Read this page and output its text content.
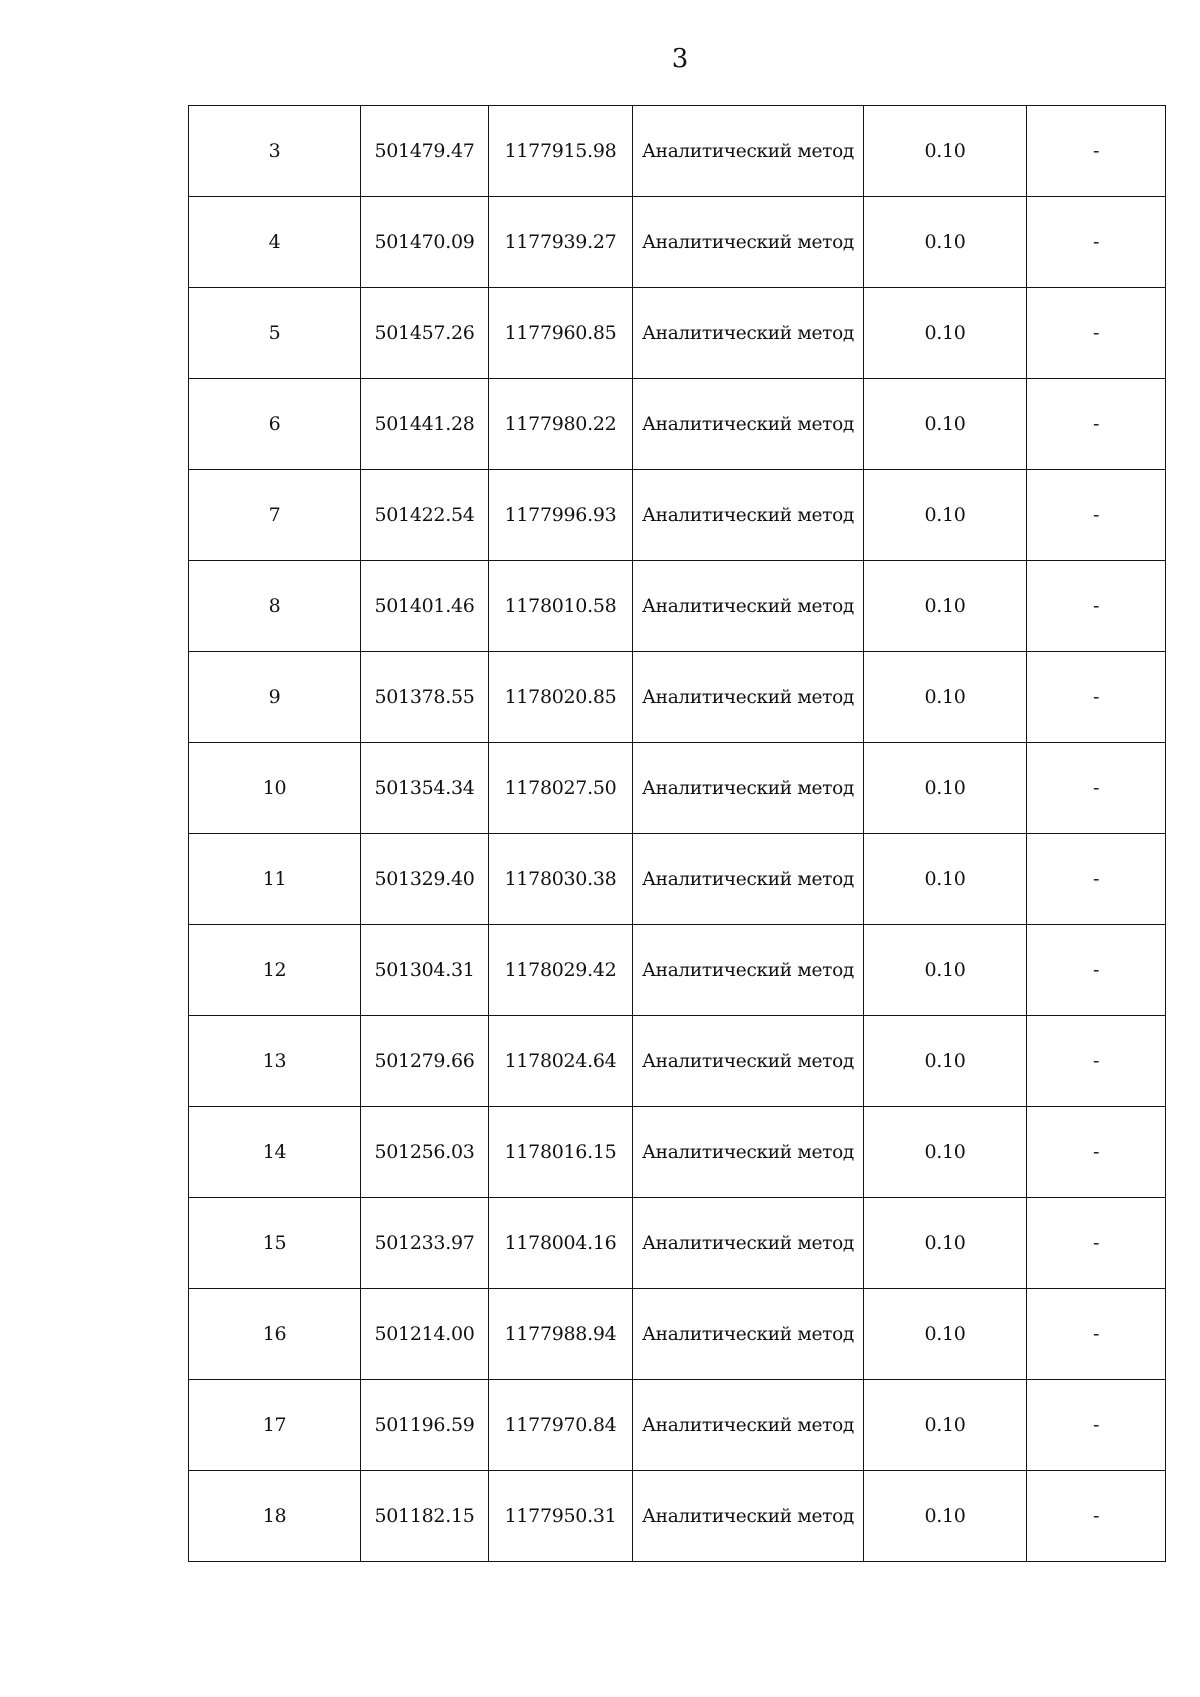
3
3	501479.47	1177915.98	Аналитический метод	0.10	-
4	501470.09	1177939.27	Аналитический метод	0.10	-
5	501457.26	1177960.85	Аналитический метод	0.10	-
6	501441.28	1177980.22	Аналитический метод	0.10	-
7	501422.54	1177996.93	Аналитический метод	0.10	-
8	501401.46	1178010.58	Аналитический метод	0.10	-
9	501378.55	1178020.85	Аналитический метод	0.10	-
10	501354.34	1178027.50	Аналитический метод	0.10	-
11	501329.40	1178030.38	Аналитический метод	0.10	-
12	501304.31	1178029.42	Аналитический метод	0.10	-
13	501279.66	1178024.64	Аналитический метод	0.10	-
14	501256.03	1178016.15	Аналитический метод	0.10	-
15	501233.97	1178004.16	Аналитический метод	0.10	-
16	501214.00	1177988.94	Аналитический метод	0.10	-
17	501196.59	1177970.84	Аналитический метод	0.10	-
18	501182.15	1177950.31	Аналитический метод	0.10	-
